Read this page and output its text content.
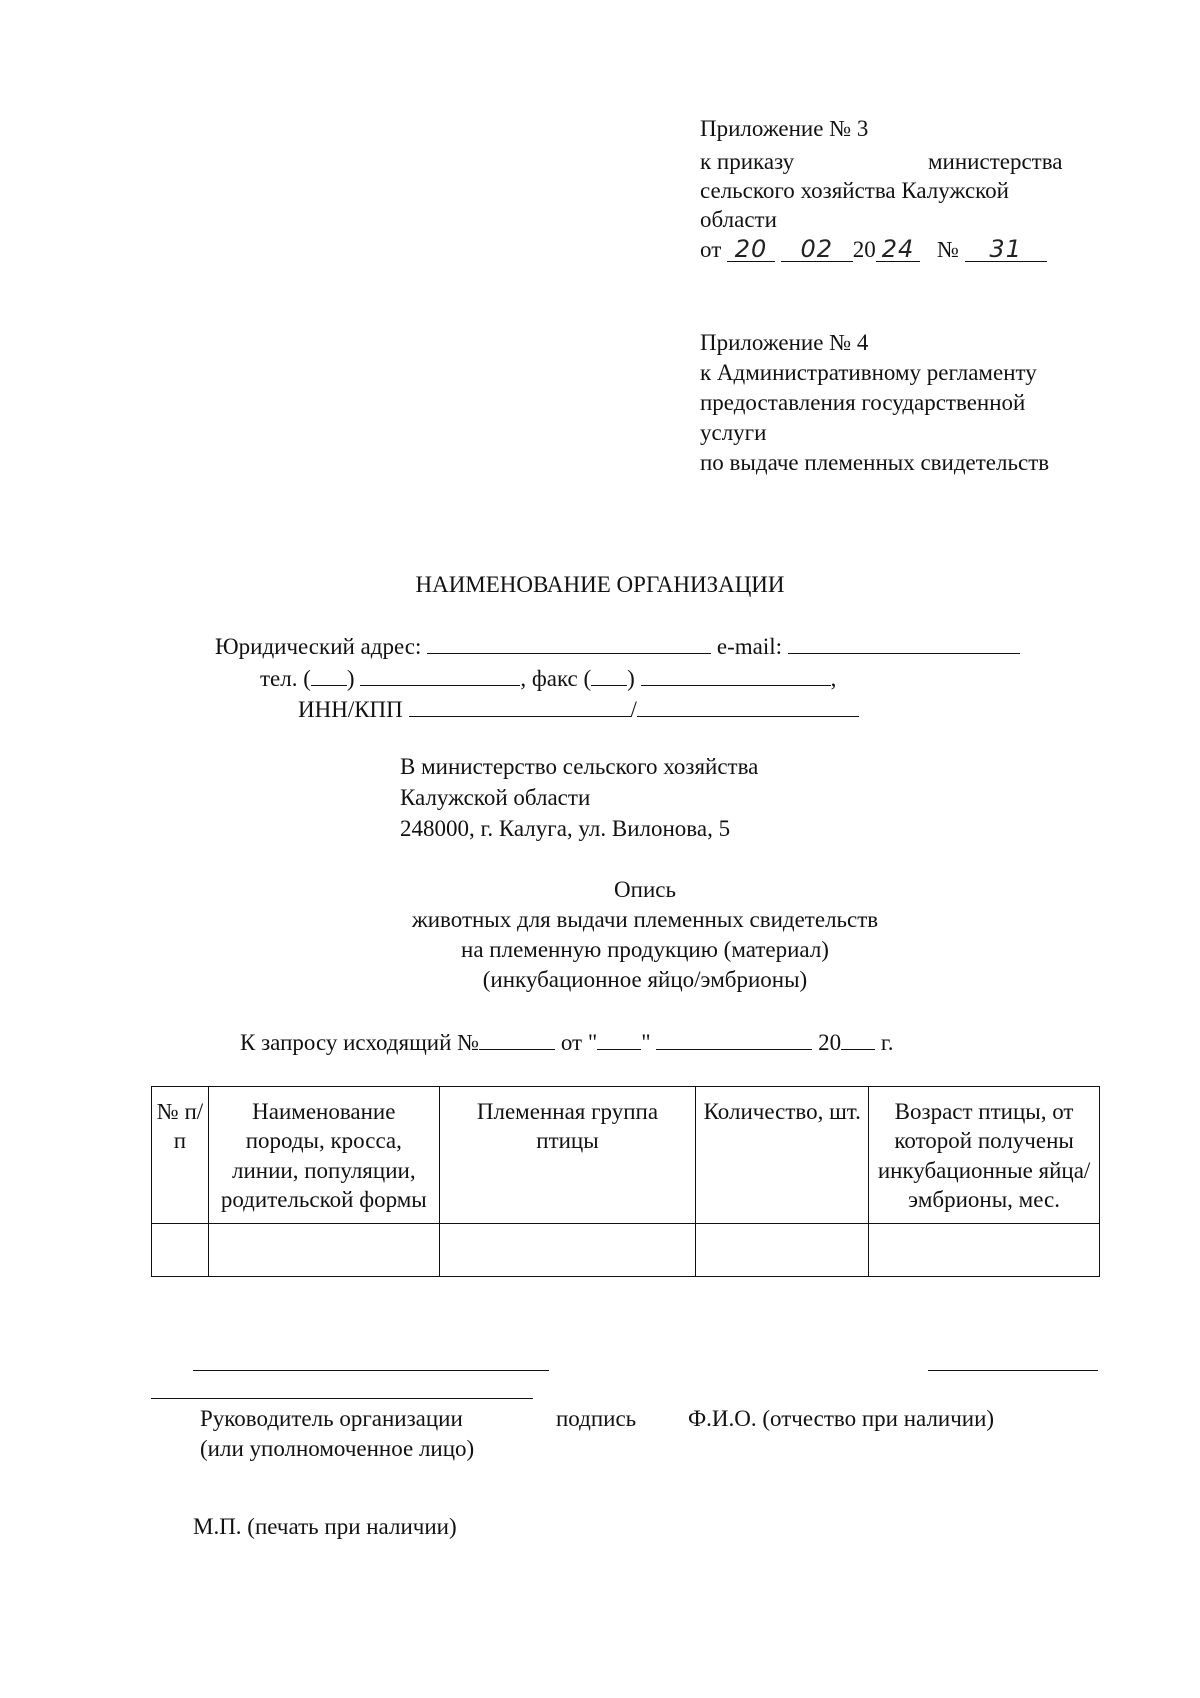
Приложение № 3
к приказу	министерства
сельского хозяйства Калужской
области
от 20 02 20 24 № 31
Приложение № 4
к Административному регламенту
предоставления государственной
услуги
по выдаче племенных свидетельств
НАИМЕНОВАНИЕ ОРГАНИЗАЦИИ
Юридический адрес:	e-mail:
тел. ( )	, факс ( )	,
ИНН/КПП	/
В министерство сельского хозяйства
Калужской области
248000, г. Калуга, ул. Вилонова, 5
Опись
животных для выдачи племенных свидетельств
на племенную продукцию (материал)
(инкубационное яйцо/эмбрионы)
К запросу исходящий №	от " "	20 г.
№ п/п	Наименование породы, кросса, линии, популяции, родительской формы	Племенная группа птицы	Количество, шт.	Возраст птицы, от которой получены инкубационные яйца/эмбрионы, мес.

Руководитель организации
(или уполномоченное лицо)
подпись Ф.И.О. (отчество при наличии)
М.П. (печать при наличии)
